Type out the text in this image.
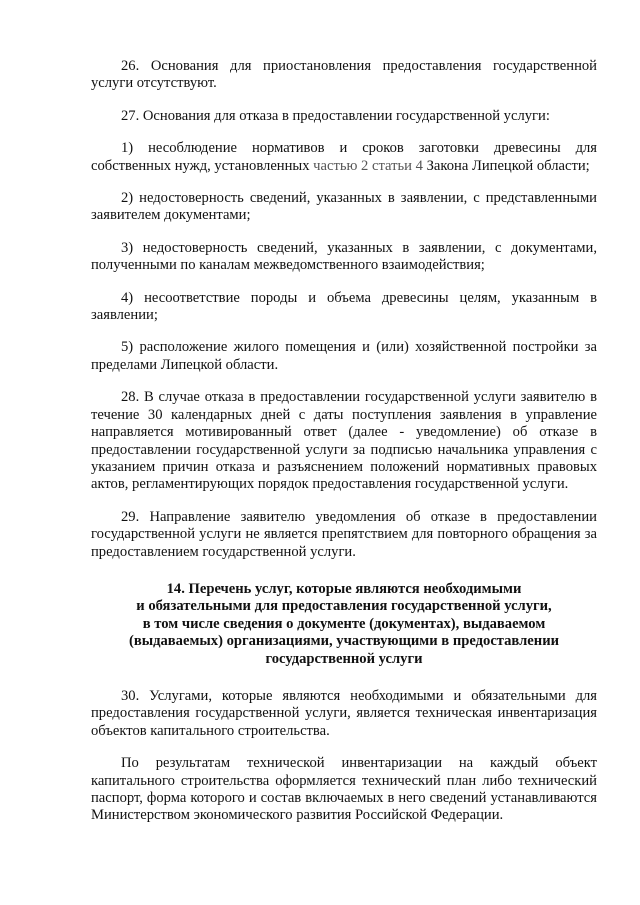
26. Основания для приостановления предоставления государственной услуги отсутствуют.

27. Основания для отказа в предоставлении государственной услуги:

1) несоблюдение нормативов и сроков заготовки древесины для собственных нужд, установленных частью 2 статьи 4 Закона Липецкой области;

2) недостоверность сведений, указанных в заявлении, с представленными заявителем документами;

3) недостоверность сведений, указанных в заявлении, с документами, полученными по каналам межведомственного взаимодействия;

4) несоответствие породы и объема древесины целям, указанным в заявлении;

5) расположение жилого помещения и (или) хозяйственной постройки за пределами Липецкой области.

28. В случае отказа в предоставлении государственной услуги заявителю в течение 30 календарных дней с даты поступления заявления в управление направляется мотивированный ответ (далее - уведомление) об отказе в предоставлении государственной услуги за подписью начальника управления с указанием причин отказа и разъяснением положений нормативных правовых актов, регламентирующих порядок предоставления государственной услуги.

29. Направление заявителю уведомления об отказе в предоставлении государственной услуги не является препятствием для повторного обращения за предоставлением государственной услуги.

14. Перечень услуг, которые являются необходимыми
и обязательными для предоставления государственной услуги,
в том числе сведения о документе (документах), выдаваемом
(выдаваемых) организациями, участвующими в предоставлении
государственной услуги

30. Услугами, которые являются необходимыми и обязательными для предоставления государственной услуги, является техническая инвентаризация объектов капитального строительства.

По результатам технической инвентаризации на каждый объект капитального строительства оформляется технический план либо технический паспорт, форма которого и состав включаемых в него сведений устанавливаются Министерством экономического развития Российской Федерации.
